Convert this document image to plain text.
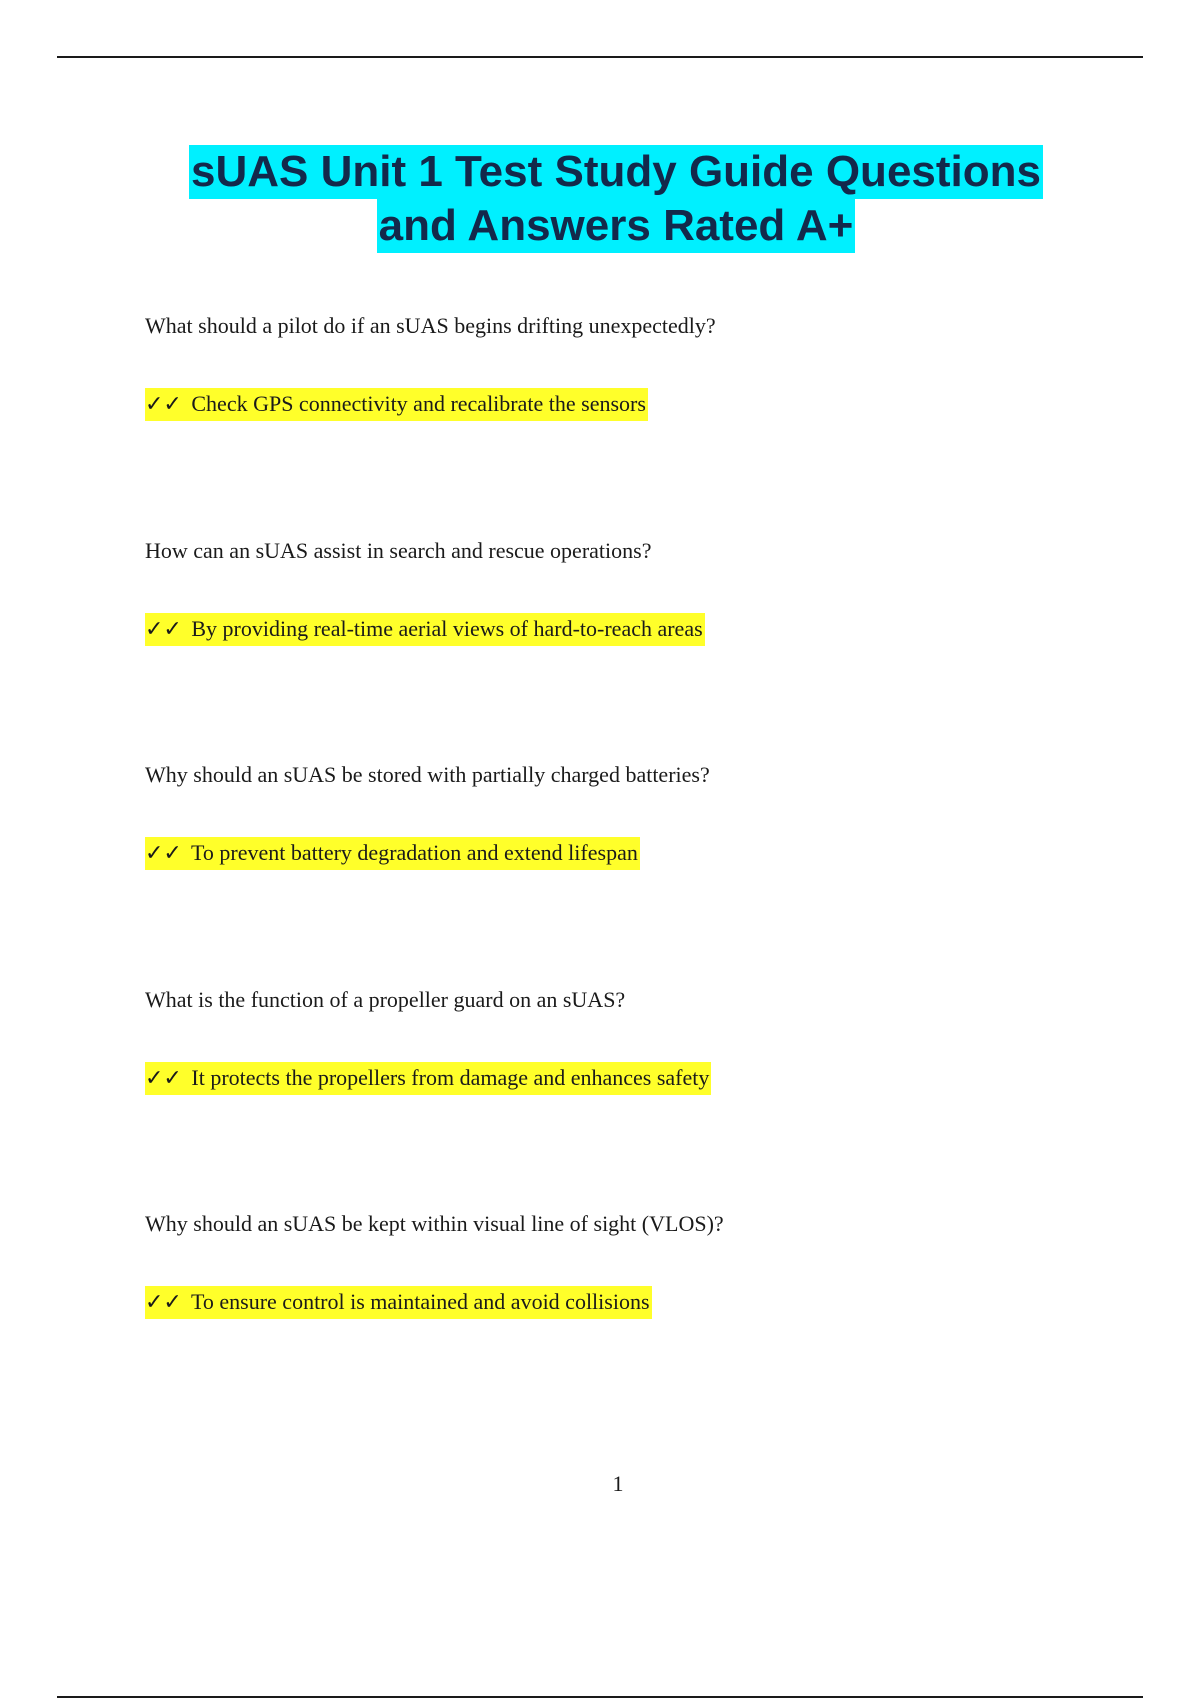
sUAS Unit 1 Test Study Guide Questions
and Answers Rated A+
What should a pilot do if an sUAS begins drifting unexpectedly?
✓✓ Check GPS connectivity and recalibrate the sensors
How can an sUAS assist in search and rescue operations?
✓✓ By providing real-time aerial views of hard-to-reach areas
Why should an sUAS be stored with partially charged batteries?
✓✓ To prevent battery degradation and extend lifespan
What is the function of a propeller guard on an sUAS?
✓✓ It protects the propellers from damage and enhances safety
Why should an sUAS be kept within visual line of sight (VLOS)?
✓✓ To ensure control is maintained and avoid collisions
1
